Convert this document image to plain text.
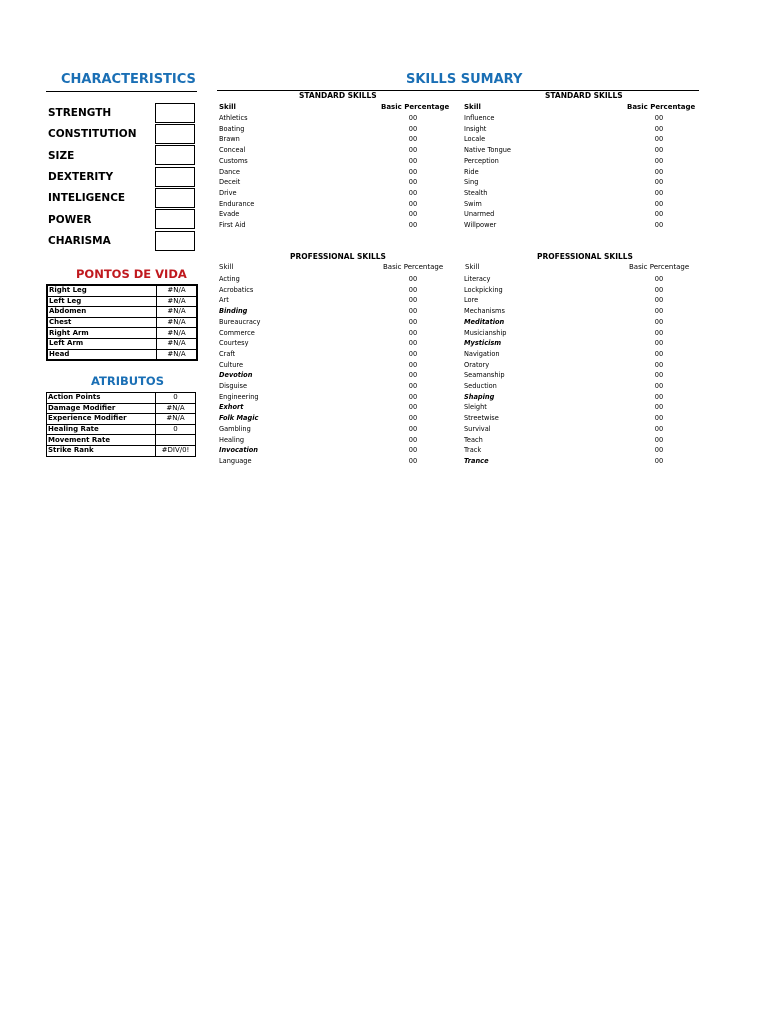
CHARACTERISTICS
STRENGTH
CONSTITUTION
SIZE
DEXTERITY
INTELIGENCE
POWER
CHARISMA
PONTOS DE VIDA
Right Leg	#N/A
Left Leg	#N/A
Abdomen	#N/A
Chest	#N/A
Right Arm	#N/A
Left Arm	#N/A
Head	#N/A
ATRIBUTOS
Action Points	0
Damage Modifier	#N/A
Experience Modifier	#N/A
Healing Rate	0
Movement Rate	
Strike Rank	#DIV/0!
SKILLS SUMARY
STANDARD SKILLS	STANDARD SKILLS
Skill	Basic Percentage Skill	Basic Percentage
Athletics	00
Boating	00
Brawn	00
Conceal	00
Customs	00
Dance	00
Deceit	00
Drive	00
Endurance	00
Evade	00
First Aid	00
Influence	00
Insight	00
Locale	00
Native Tongue	00
Perception	00
Ride	00
Sing	00
Stealth	00
Swim	00
Unarmed	00
Willpower	00
PROFESSIONAL SKILLS	PROFESSIONAL SKILLS
Skill	Basic Percentage	Skill	Basic Percentage
Acting	00
Acrobatics	00
Art	00
Binding	00
Bureaucracy	00
Commerce	00
Courtesy	00
Craft	00
Culture	00
Devotion	00
Disguise	00
Engineering	00
Exhort	00
Folk Magic	00
Gambling	00
Healing	00
Invocation	00
Language	00
Literacy	00
Lockpicking	00
Lore	00
Mechanisms	00
Meditation	00
Musicianship	00
Mysticism	00
Navigation	00
Oratory	00
Seamanship	00
Seduction	00
Shaping	00
Sleight	00
Streetwise	00
Survival	00
Teach	00
Track	00
Trance	00
